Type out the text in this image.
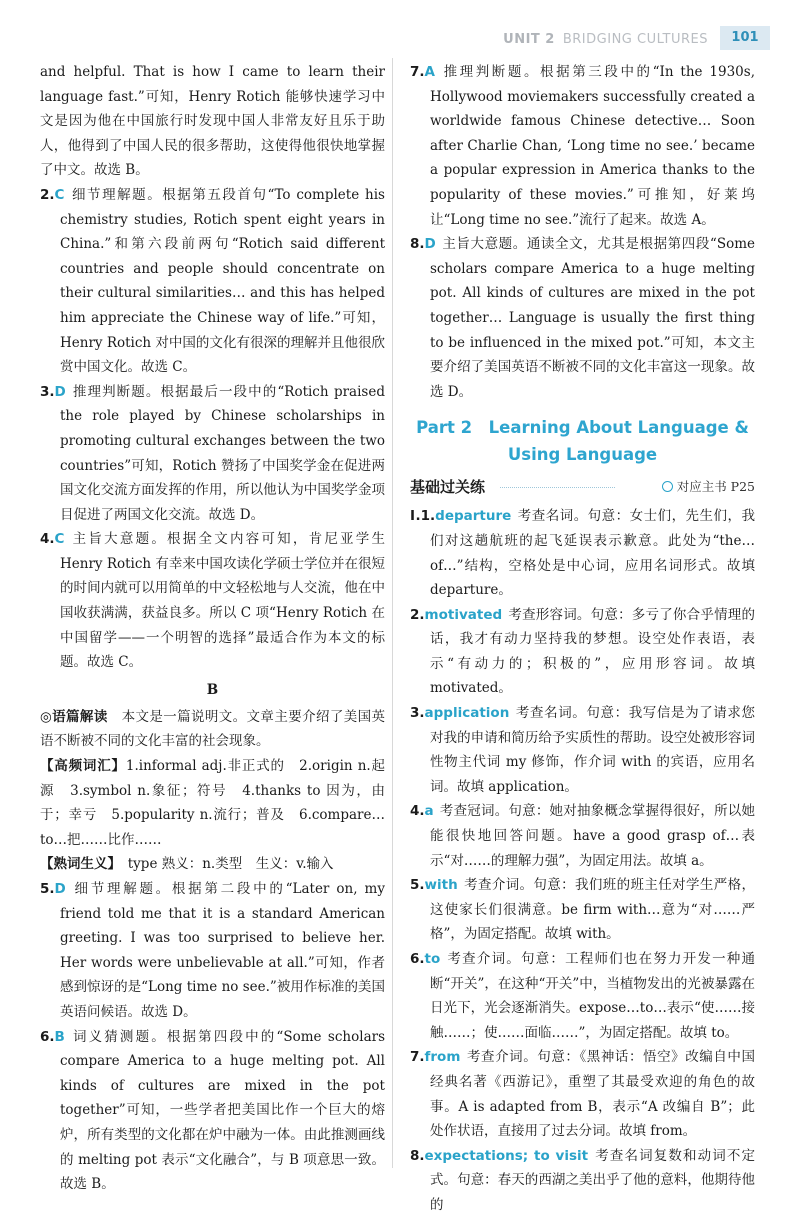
UNIT 2 BRIDGING CULTURES	101

and helpful. That is how I came to learn their language fast.”可知，Henry Rotich 能够快速学习中文是因为他在中国旅行时发现中国人非常友好且乐于助人，他得到了中国人民的很多帮助，这使得他很快地掌握了中文。故选 B。

2.C 细节理解题。根据第五段首句“To complete his chemistry studies, Rotich spent eight years in China.”和第六段前两句“Rotich said different countries and people should concentrate on their cultural similarities… and this has helped him appreciate the Chinese way of life.”可知，Henry Rotich 对中国的文化有很深的理解并且他很欣赏中国文化。故选 C。

3.D 推理判断题。根据最后一段中的“Rotich praised the role played by Chinese scholarships in promoting cultural exchanges between the two countries”可知，Rotich 赞扬了中国奖学金在促进两国文化交流方面发挥的作用，所以他认为中国奖学金项目促进了两国文化交流。故选 D。

4.C 主旨大意题。根据全文内容可知，肯尼亚学生 Henry Rotich 有幸来中国攻读化学硕士学位并在很短的时间内就可以用简单的中文轻松地与人交流，他在中国收获满满，获益良多。所以 C 项“Henry Rotich 在中国留学——一个明智的选择”最适合作为本文的标题。故选 C。

B

◎语篇解读　 本文是一篇说明文。文章主要介绍了美国英语不断被不同的文化丰富的社会现象。

【高频词汇】1.informal adj.非正式的　2.origin n.起源　3.symbol n.象征；符号　4.thanks to 因为，由于；幸亏　5.popularity n.流行；普及　6.compare…to…把……比作……

【熟词生义】　 type 熟义：n.类型　生义：v.输入

5.D 细节理解题。根据第二段中的“Later on, my friend told me that it is a standard American greeting. I was too surprised to believe her. Her words were unbelievable at all.”可知，作者感到惊讶的是“Long time no see.”被用作标准的美国英语问候语。故选 D。

6.B 词义猜测题。根据第四段中的“Some scholars compare America to a huge melting pot. All kinds of cultures are mixed in the pot together”可知，一些学者把美国比作一个巨大的熔炉，所有类型的文化都在炉中融为一体。由此推测画线的 melting pot 表示“文化融合”，与 B 项意思一致。故选 B。

7.A 推理判断题。根据第三段中的“In the 1930s, Hollywood moviemakers successfully created a worldwide famous Chinese detective… Soon after Charlie Chan, ‘Long time no see.’ became a popular expression in America thanks to the popularity of these movies.”可推知，好莱坞让“Long time no see.”流行了起来。故选 A。

8.D 主旨大意题。通读全文，尤其是根据第四段“Some scholars compare America to a huge melting pot. All kinds of cultures are mixed in the pot together… Language is usually the first thing to be influenced in the mixed pot.”可知，本文主要介绍了美国英语不断被不同的文化丰富这一现象。故选 D。

Part 2　Learning About Language &
Using Language
基础过关练	对应主书 P25

Ⅰ.1.departure 考查名词。句意：女士们，先生们，我们对这趟航班的起飞延误表示歉意。此处为“the…of…”结构，空格处是中心词，应用名词形式。故填 departure。

2.motivated 考查形容词。句意：多亏了你合乎情理的话，我才有动力坚持我的梦想。设空处作表语，表示“有动力的；积极的”，应用形容词。故填 motivated。

3.application 考查名词。句意：我写信是为了请求您对我的申请和简历给予实质性的帮助。设空处被形容词性物主代词 my 修饰，作介词 with 的宾语，应用名词。故填 application。

4.a 考查冠词。句意：她对抽象概念掌握得很好，所以她能很快地回答问题。have a good grasp of…表示“对……的理解力强”，为固定用法。故填 a。

5.with 考查介词。句意：我们班的班主任对学生严格，这使家长们很满意。be firm with…意为“对……严格”，为固定搭配。故填 with。

6.to 考查介词。句意：工程师们也在努力开发一种通断“开关”，在这种“开关”中，当植物发出的光被暴露在日光下，光会逐渐消失。expose…to…表示“使……接触……；使……面临……”，为固定搭配。故填 to。

7.from 考查介词。句意：《黑神话：悟空》改编自中国经典名著《西游记》，重塑了其最受欢迎的角色的故事。A is adapted from B，表示“A 改编自 B”；此处作状语，直接用了过去分词。故填 from。

8.expectations; to visit 考查名词复数和动词不定式。句意：春天的西湖之美出乎了他的意料，他期待他的
